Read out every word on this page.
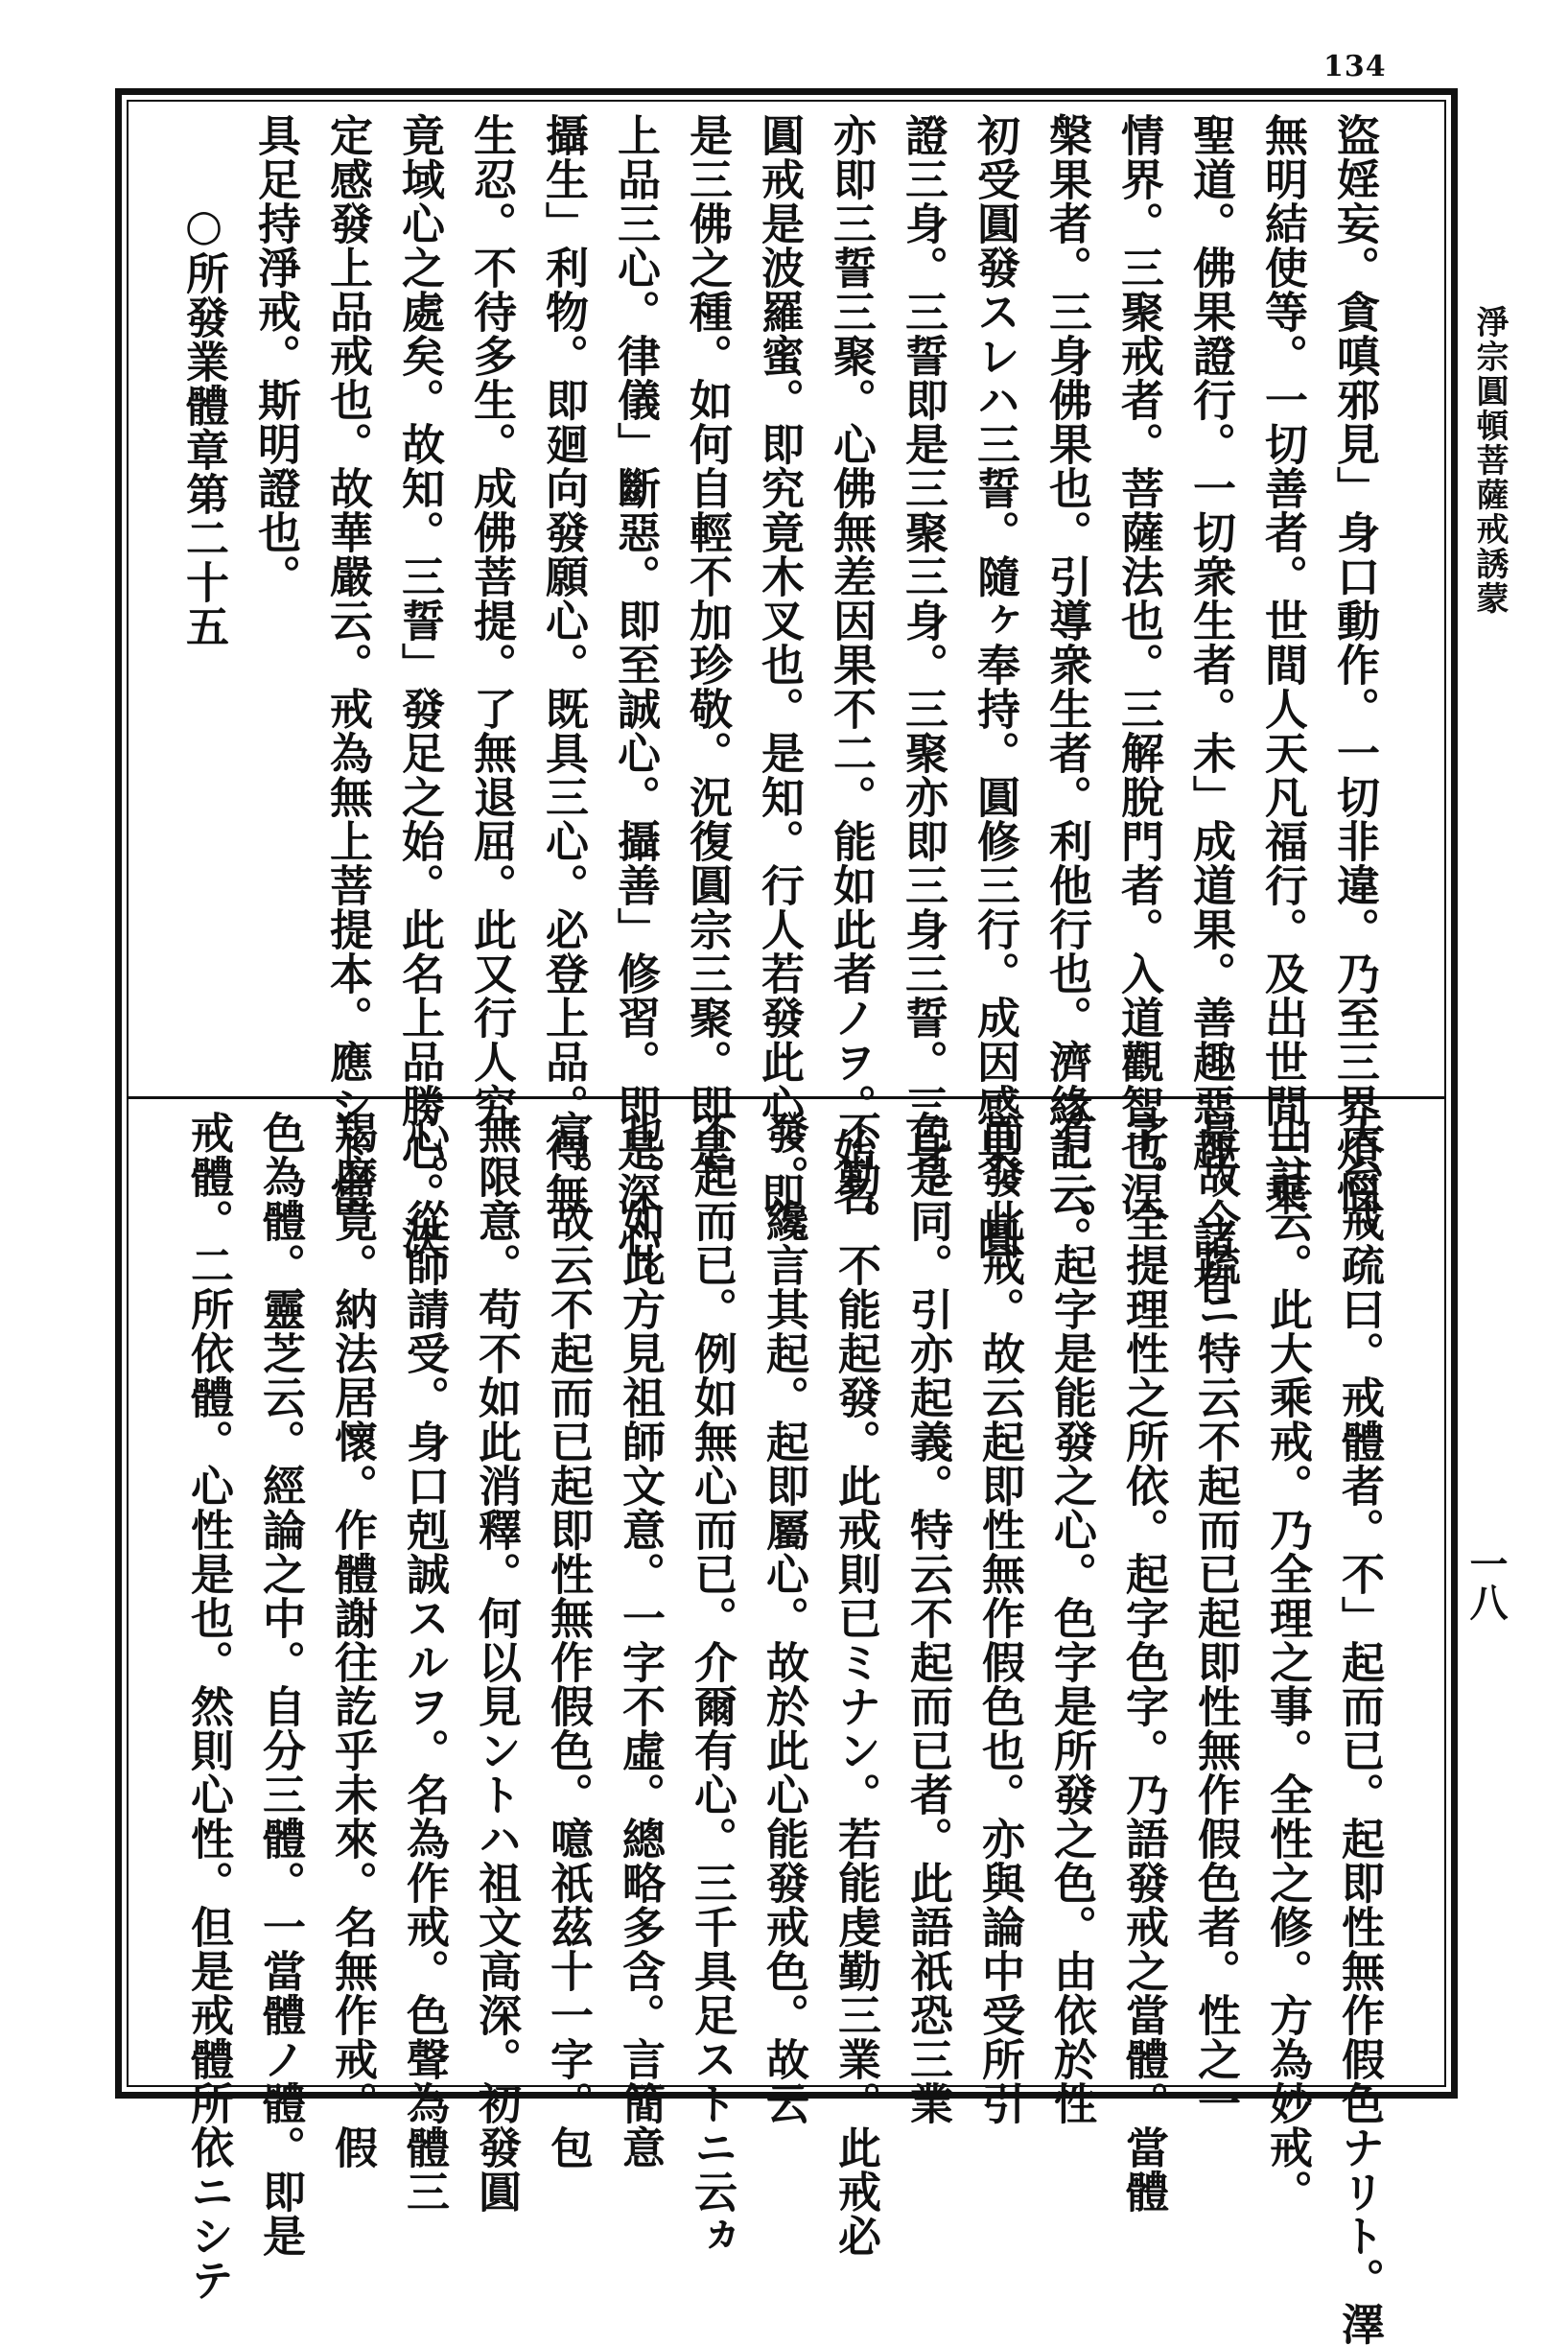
134
淨宗圓頓菩薩戒誘蒙
一八

盜婬妄。貪嗔邪見」身口動作。一切非違。乃至三界煩惱。

無明結使等。一切善者。世間人天凡福行。及出世間三乘

聖道。佛果證行。一切衆生者。未」成道果。善趣惡趣。諸有

情界。三聚戒者。菩薩法也。三解脫門者。入道觀智也涅

槃果者。三身佛果也。引導衆生者。利他行也。濟緣記云。

初受圓發スレハ三誓。隨ヶ奉持。圓修三行。成因感果。圓

證三身。三誓即是三聚三身。三聚亦即三身三誓。三身。

亦即三誓三聚。心佛無差因果不二。能如此者ノヲ。始名

圓戒是波羅蜜。即究竟木叉也。是知。行人若發此心。即

是三佛之種。如何自輕不加珍敬。況復圓宗三聚。即是

上品三心。律儀」斷惡。即至誠心。攝善」修習。即是深心。

攝生」利物。即廻向發願心。既具三心。必登上品。得無

生忍。不待多生。成佛菩提。了無退屈。此又行人究

竟域心之處矣。故知。三誓」發足之始。此名上品勝心。決

定感發上品戒也。故華嚴云。戒為無上菩提本。應シト當

具足持淨戒。斯明證也。

○所發業體章第二十五

天台戒疏曰。戒體者。不」起而已。起即性無作假色ナリト。澤

山註云。此大乘戒。乃全理之事。全性之修。方為妙戒。

是故今疏ニ特云不起而已起即性無作假色者。性之一

字。全提理性之所依。起字色字。乃語發戒之當體。當體

有二。起字是能發之心。色字是所發之色。由依於性

而發此戒。故云起即性無作假色也。亦與論中受所引

色是同。引亦起義。特云不起而已者。此語祇恐三業

不勤。不能起發。此戒則已ミナン。若能虔勤三業。此戒必

發。纔言其起。起即屬心。故於此心能發戒色。故云

不起而已。例如無心而已。介爾有心。三千具足ストニ云ヵ

也。如此方見祖師文意。一字不虛。總略多含。言簡意

富。故云不起而已起即性無作假色。噫祇茲十一字。包

無限意。苟不如此消釋。何以見ントハ祖文高深。初發圓

心。從師請受。身口剋誠スルヲ。名為作戒。色聲為體三

羯磨竟。納法居懷。作體謝往訖乎未來。名無作戒。假

色為體。靈芝云。經論之中。自分三體。一當體ノ體。即是

戒體。二所依體。心性是也。然則心性。但是戒體所依ニシテ
